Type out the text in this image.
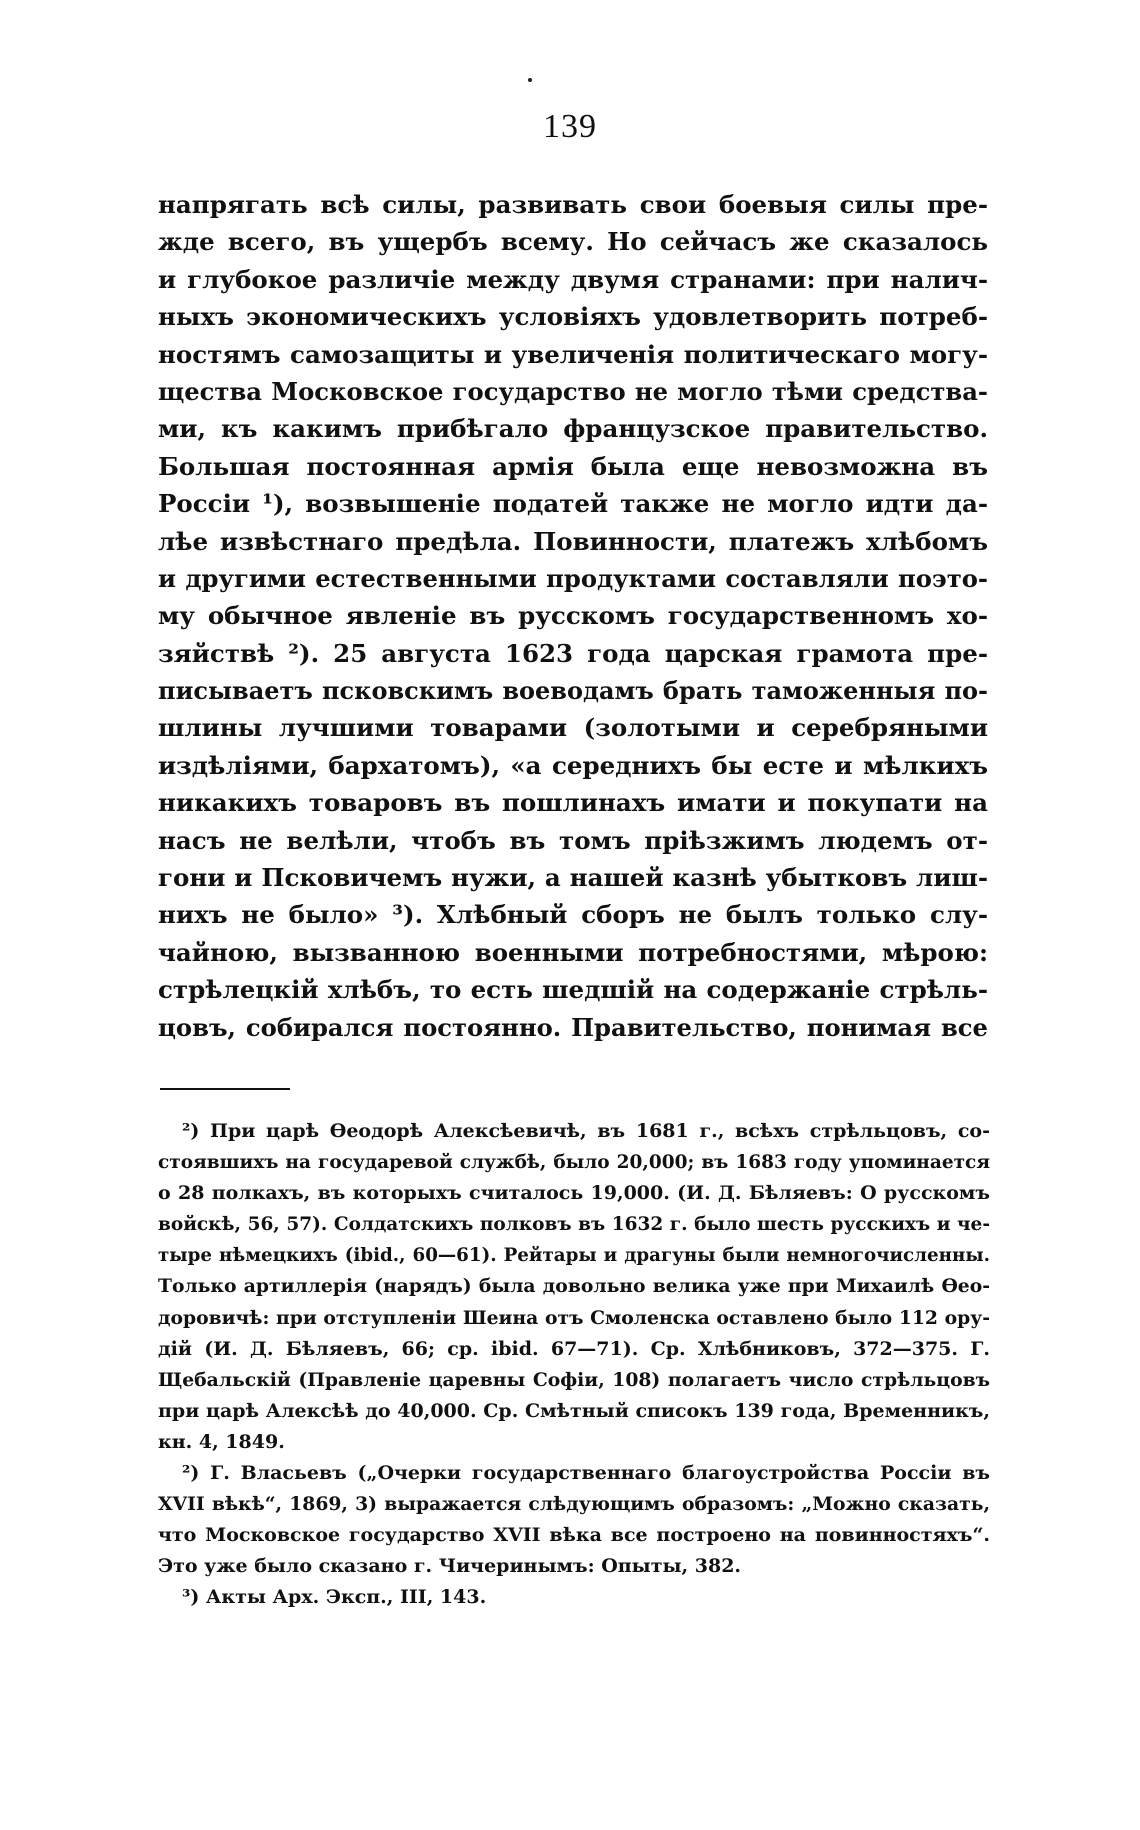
139
напрягать всѣ силы, развивать свои боевыя силы пре-
жде всего, въ ущербъ всему. Но сейчасъ же сказалось
и глубокое различіе между двумя странами: при налич-
ныхъ экономическихъ условіяхъ удовлетворить потреб-
ностямъ самозащиты и увеличенія политическаго могу-
щества Московское государство не могло тѣми средства-
ми, къ какимъ прибѣгало французское правительство.
Большая постоянная армія была еще невозможна въ
Россіи ¹), возвышеніе податей также не могло идти да-
лѣе извѣстнаго предѣла. Повинности, платежъ хлѣбомъ
и другими естественными продуктами составляли поэто-
му обычное явленіе въ русскомъ государственномъ хо-
зяйствѣ ²). 25 августа 1623 года царская грамота пре-
писываетъ псковскимъ воеводамъ брать таможенныя по-
шлины лучшими товарами (золотыми и серебряными
издѣліями, бархатомъ), «а середнихъ бы есте и мѣлкихъ
никакихъ товаровъ въ пошлинахъ имати и покупати на
насъ не велѣли, чтобъ въ томъ пріѣзжимъ людемъ от-
гони и Псковичемъ нужи, а нашей казнѣ убытковъ лиш-
нихъ не было» ³). Хлѣбный сборъ не былъ только слу-
чайною, вызванною военными потребностями, мѣрою:
стрѣлецкій хлѣбъ, то есть шедшій на содержаніе стрѣль-
цовъ, собирался постоянно. Правительство, понимая все
²) При царѣ Ѳеодорѣ Алексѣевичѣ, въ 1681 г., всѣхъ стрѣльцовъ, со-
стоявшихъ на государевой службѣ, было 20,000; въ 1683 году упоминается
о 28 полкахъ, въ которыхъ считалось 19,000. (И. Д. Бѣляевъ: О русскомъ
войскѣ, 56, 57). Солдатскихъ полковъ въ 1632 г. было шесть русскихъ и че-
тыре нѣмецкихъ (ibid., 60—61). Рейтары и драгуны были немногочисленны.
Только артиллерія (нарядъ) была довольно велика уже при Михаилѣ Ѳео-
доровичѣ: при отступленіи Шеина отъ Смоленска оставлено было 112 ору-
дій (И. Д. Бѣляевъ, 66; ср. ibid. 67—71). Ср. Хлѣбниковъ, 372—375. Г.
Щебальскій (Правленіе царевны Софіи, 108) полагаетъ число стрѣльцовъ
при царѣ Алексѣѣ до 40,000. Ср. Смѣтный списокъ 139 года, Временникъ,
кн. 4, 1849.
²) Г. Власьевъ („Очерки государственнаго благоустройства Россіи въ
XVII вѣкѣ“, 1869, 3) выражается слѣдующимъ образомъ: „Можно сказать,
что Московское государство XVII вѣка все построено на повинностяхъ“.
Это уже было сказано г. Чичеринымъ: Опыты, 382.
³) Акты Арх. Эксп., III, 143.
